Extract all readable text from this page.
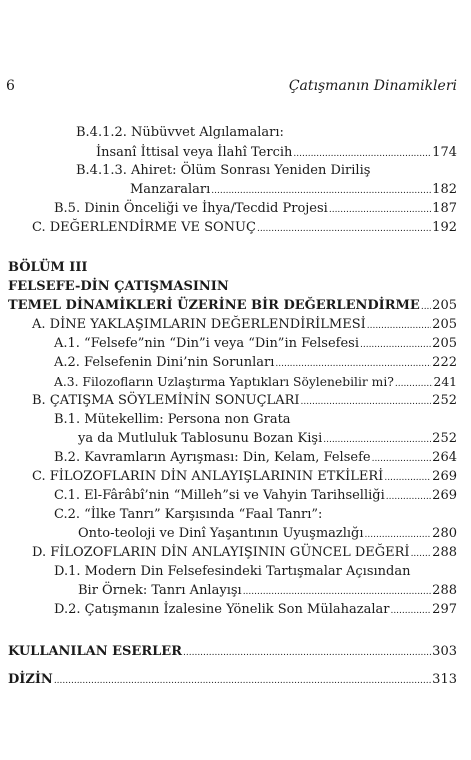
6	Çatışmanın Dinamikleri
B.4.1.2. Nübüvvet Algılamaları:
İnsanî İttisal veya İlahî Tercih .....	174
B.4.1.3. Ahiret: Ölüm Sonrası Yeniden Diriliş
Manzaraları .....	182
B.5. Dinin Önceliği ve İhya/Tecdid Projesi .....	187
C. DEĞERLENDİRME VE SONUÇ .....	192
BÖLÜM III
FELSEFE-DİN ÇATIŞMASININ
TEMEL DİNAMİKLERİ ÜZERİNE BİR DEĞERLENDİRME ..... 205
A. DİNE YAKLAŞIMLARIN DEĞERLENDİRİLMESİ .....	205
A.1. “Felsefe”nin “Din”i veya “Din”in Felsefesi .....	205
A.2. Felsefenin Dini’nin Sorunları .....	222
A.3. Filozofların Uzlaştırma Yaptıkları Söylenebilir mi? .....	241
B. ÇATIŞMA SÖYLEMİNİN SONUÇLARI .....	252
B.1. Mütekellim: Persona non Grata
ya da Mutluluk Tablosunu Bozan Kişi .....	252
B.2. Kavramların Ayrışması: Din, Kelam, Felsefe .....	264
C. FİLOZOFLARIN DİN ANLAYIŞLARININ ETKİLERİ .....	269
C.1. El-Fârâbî’nin “Milleh”si ve Vahyin Tarihselliği .....	269
C.2. “İlke Tanrı” Karşısında “Faal Tanrı”:
Onto-teoloji ve Dinî Yaşantının Uyuşmazlığı .....	280
D. FİLOZOFLARIN DİN ANLAYIŞININ GÜNCEL DEĞERİ ..... 288
D.1. Modern Din Felsefesindeki Tartışmalar Açısından
Bir Örnek: Tanrı Anlayışı .....	288
D.2. Çatışmanın İzalesine Yönelik Son Mülahazalar .....	297
KULLANILAN ESERLER .....	303
DİZİN .....	313
